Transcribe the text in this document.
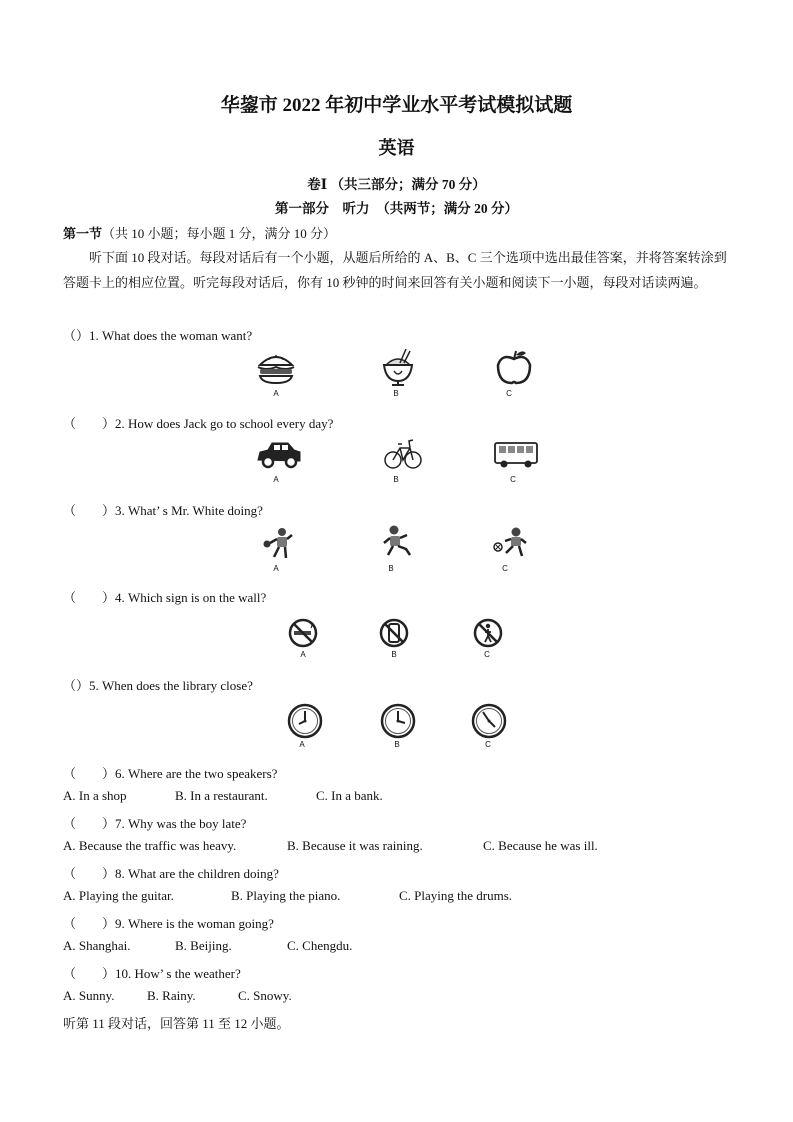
华鋆市 2022 年初中学业水平考试模拟试题
英语
卷Ⅰ （共三部分；满分 70 分）
第一部分　听力　（共两节；满分 20 分）
第一节（共 10 小题；每小题 1 分，满分 10 分）
听下面 10 段对话。每段对话后有一个小题，从题后所给的 A、B、C 三个选项中选出最佳答案，并将答案转涂到答题卡上的相应位置。听完每段对话后，你有 10 秒钟的时间来回答有关小题和阅读下一小题，每段对话读两遍。
（）1. What does the woman want?
A	B	C
（　　）2. How does Jack go to school every day?
A	B	C
（　　）3. What’ s Mr. White doing?
A	B	C
（　　）4. Which sign is on the wall?
A	B	C
（）5. When does the library close?
A	B	C
（　　）6. Where are the two speakers?
A. In a shop	B. In a restaurant.	C. In a bank.
（　　）7. Why was the boy late?
A. Because the traffic was heavy.	B. Because it was raining.	C. Because he was ill.
（　　）8. What are the children doing?
A. Playing the guitar.	B. Playing the piano.	C. Playing the drums.
（　　）9. Where is the woman going?
A. Shanghai.	B. Beijing.	C. Chengdu.
（　　）10. How’ s the weather?
A. Sunny. B. Rainy.	C. Snowy.
听第 11 段对话，回答第 11 至 12 小题。
